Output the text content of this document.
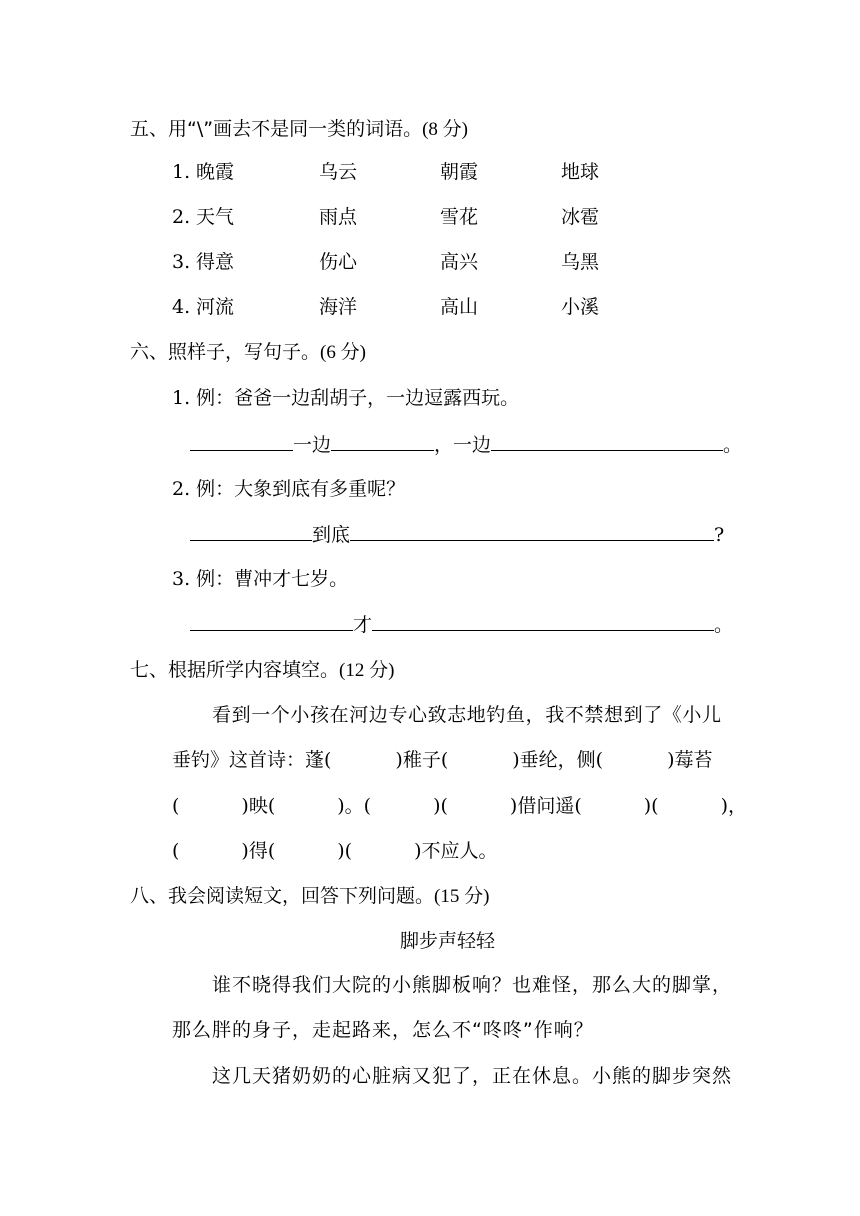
五、用“\”画去不是同一类的词语。(8 分)
1. 晚霞	乌云	朝霞	地球
2. 天气	雨点	雪花	冰雹
3. 得意	伤心	高兴	乌黑
4. 河流	海洋	高山	小溪
六、照样子，写句子。(6 分)
1. 例：爸爸一边刮胡子，一边逗露西玩。
一边	，一边	。
2. 例：大象到底有多重呢？
到底	?
3. 例：曹冲才七岁。
才	。
七、根据所学内容填空。(12 分)
看到一个小孩在河边专心致志地钓鱼，我不禁想到了《小儿
垂钓》这首诗：蓬(	)稚子(	)垂纶，侧(	)莓苔
(	)映(	)。(	)(	)借问遥(	)(	)，
(	)得(	)(	)不应人。
八、我会阅读短文，回答下列问题。(15 分)
脚步声轻轻
谁不晓得我们大院的小熊脚板响？也难怪，那么大的脚掌，
那么胖的身子，走起路来，怎么不“咚咚”作响？
这几天猪奶奶的心脏病又犯了，正在休息。小熊的脚步突然
